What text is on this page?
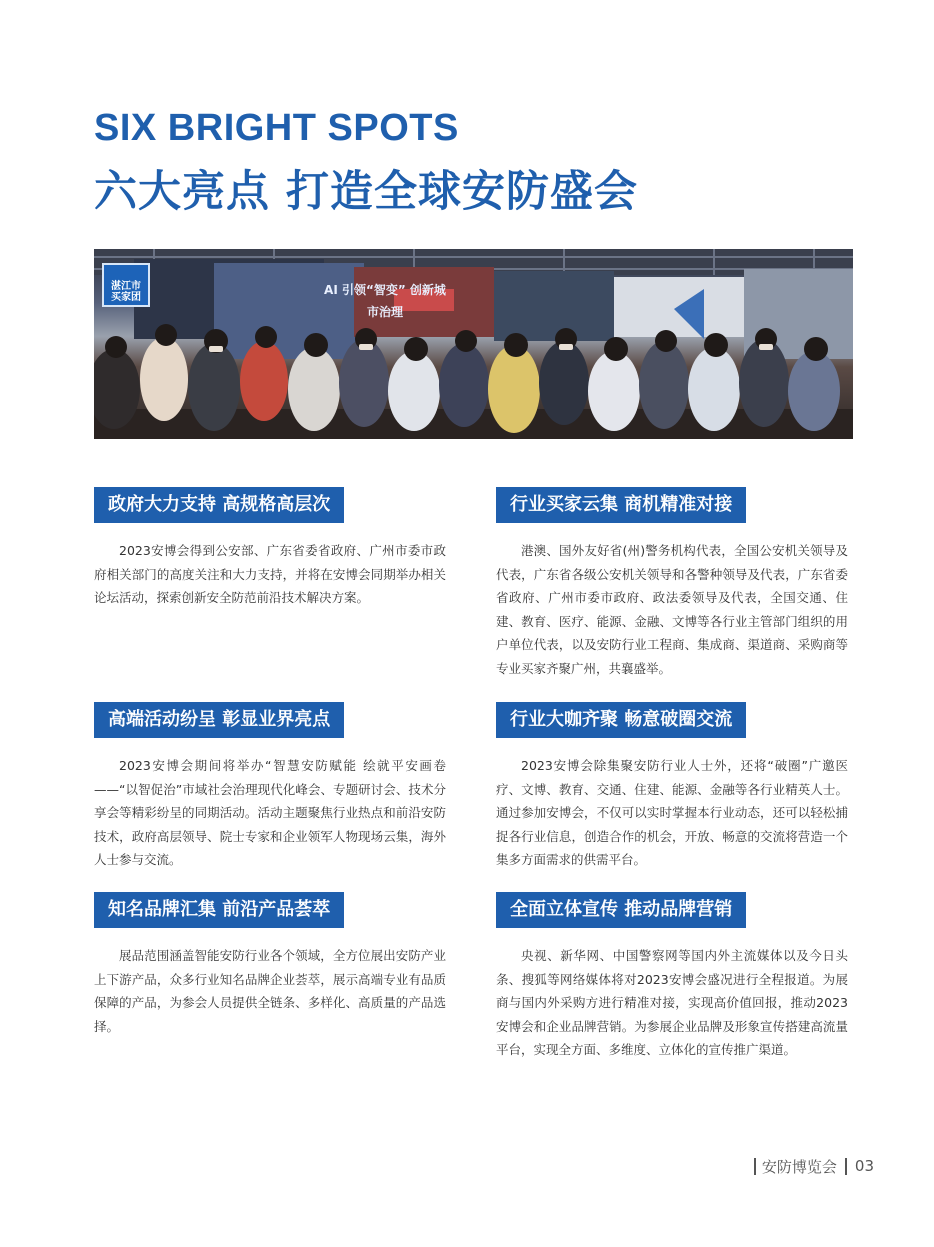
SIX BRIGHT SPOTS
六大亮点 打造全球安防盛会
湛江市 买家团
AI 引领“智变” 创新城市治理
政府大力支持 高规格高层次
2023安博会得到公安部、广东省委省政府、广州市委市政府相关部门的高度关注和大力支持，并将在安博会同期举办相关论坛活动，探索创新安全防范前沿技术解决方案。
行业买家云集 商机精准对接
港澳、国外友好省(州)警务机构代表，全国公安机关领导及代表，广东省各级公安机关领导和各警种领导及代表，广东省委省政府、广州市委市政府、政法委领导及代表，全国交通、住建、教育、医疗、能源、金融、文博等各行业主管部门组织的用户单位代表，以及安防行业工程商、集成商、渠道商、采购商等专业买家齐聚广州，共襄盛举。
高端活动纷呈 彰显业界亮点
2023安博会期间将举办“智慧安防赋能 绘就平安画卷——“以智促治”市域社会治理现代化峰会、专题研讨会、技术分享会等精彩纷呈的同期活动。活动主题聚焦行业热点和前沿安防技术，政府高层领导、院士专家和企业领军人物现场云集，海外人士参与交流。
行业大咖齐聚 畅意破圈交流
2023安博会除集聚安防行业人士外，还将“破圈”广邀医疗、文博、教育、交通、住建、能源、金融等各行业精英人士。通过参加安博会，不仅可以实时掌握本行业动态，还可以轻松捕捉各行业信息，创造合作的机会，开放、畅意的交流将营造一个集多方面需求的供需平台。
知名品牌汇集 前沿产品荟萃
展品范围涵盖智能安防行业各个领域，全方位展出安防产业上下游产品，众多行业知名品牌企业荟萃，展示高端专业有品质保障的产品，为参会人员提供全链条、多样化、高质量的产品选择。
全面立体宣传 推动品牌营销
央视、新华网、中国警察网等国内外主流媒体以及今日头条、搜狐等网络媒体将对2023安博会盛况进行全程报道。为展商与国内外采购方进行精准对接，实现高价值回报，推动2023安博会和企业品牌营销。为参展企业品牌及形象宣传搭建高流量平台，实现全方面、多维度、立体化的宣传推广渠道。
安防博览会 03
